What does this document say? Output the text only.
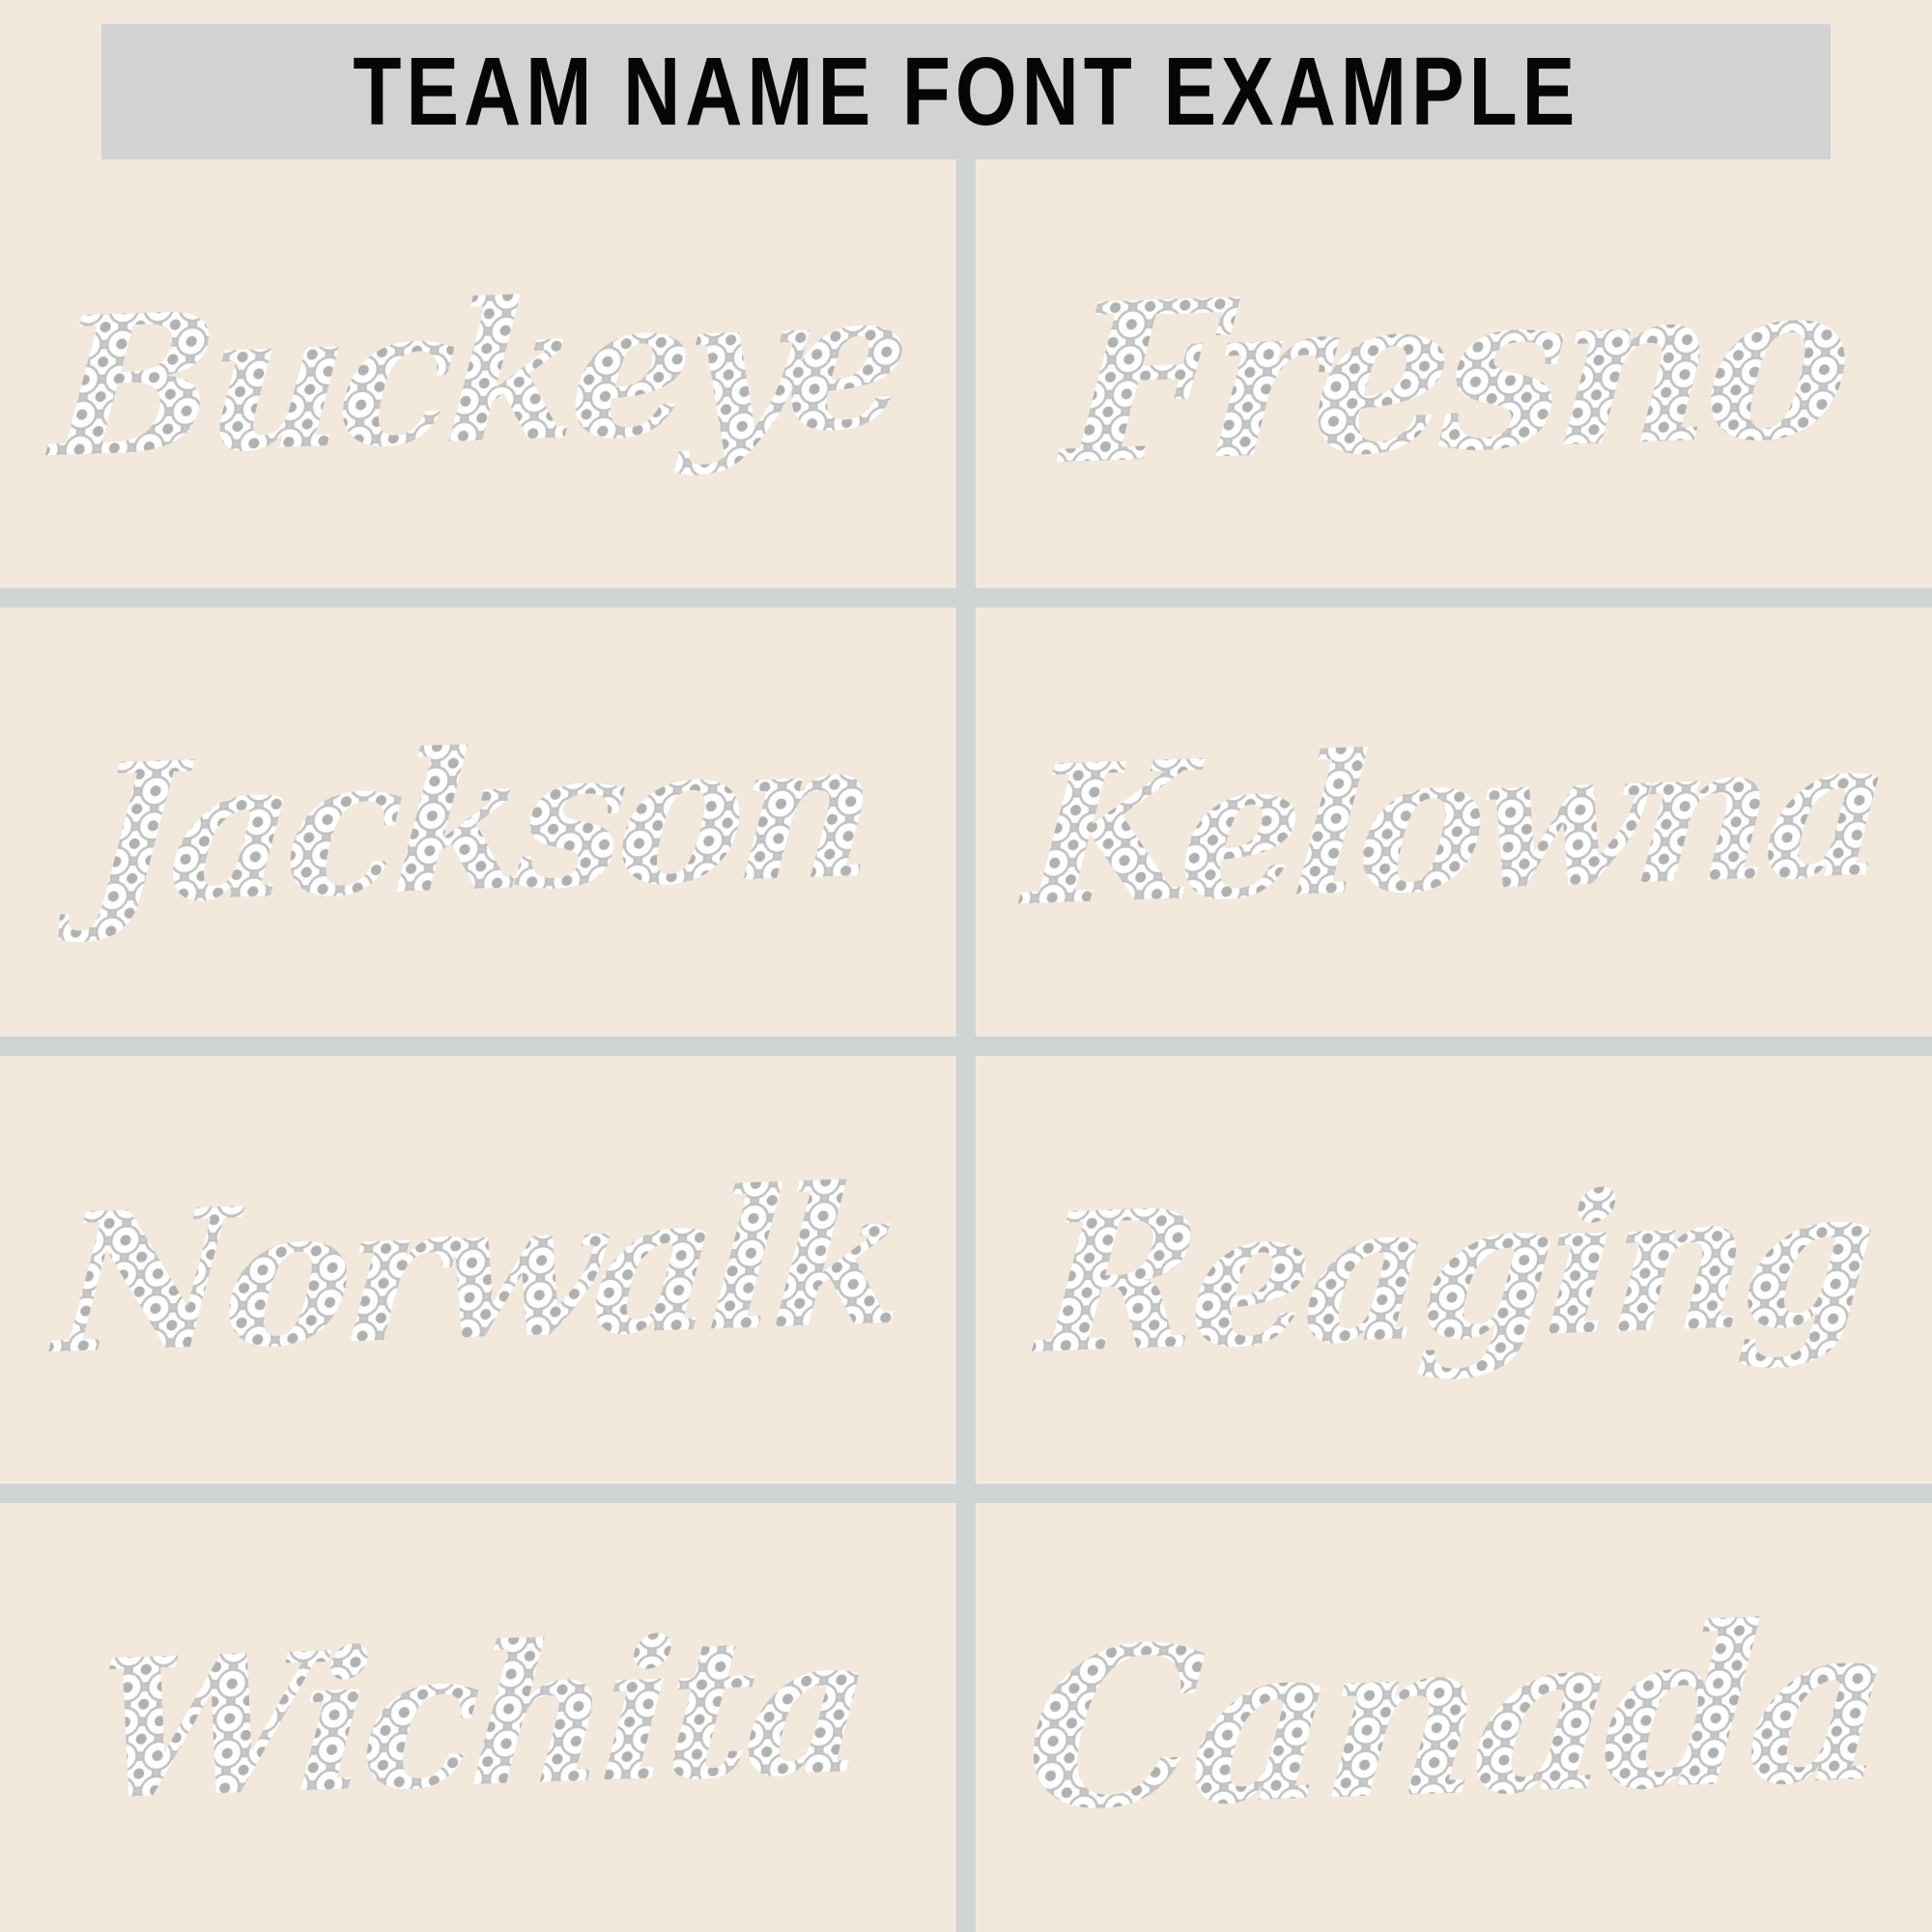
TEAM NAME FONT EXAMPLE
Buckeye Fresno
Jackson Kelowna
Norwalk Reaging
Wichita Canada
